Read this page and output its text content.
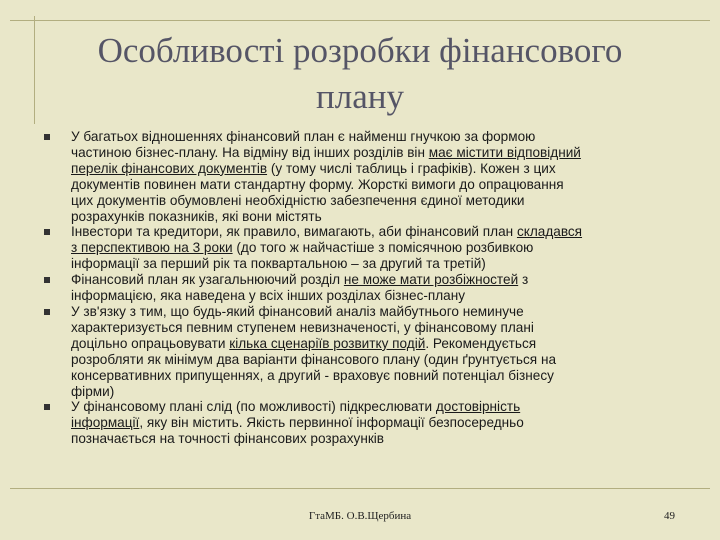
Особливості розробки фінансового
плану
У багатьох відношеннях фінансовий план є найменш гнучкою за формою
частиною бізнес-плану. На відміну від інших розділів він має містити відповідний
перелік фінансових документів (у тому числі таблиць і графіків). Кожен з цих
документів повинен мати стандартну форму. Жорсткі вимоги до опрацювання
цих документів обумовлені необхідністю забезпечення єдиної методики
розрахунків показників, які вони містять
Інвестори та кредитори, як правило, вимагають, аби фінансовий план складався
з перспективою на 3 роки (до того ж найчастіше з помісячною розбивкою
інформації за перший рік та поквартальною – за другий та третій)
Фінансовий план як узагальнюючий розділ не може мати розбіжностей з
інформацією, яка наведена у всіх інших розділах бізнес-плану
У зв'язку з тим, що будь-який фінансовий аналіз майбутнього неминуче
характеризується певним ступенем невизначеності, у фінансовому плані
доцільно опрацьовувати кілька сценаріїв розвитку подій. Рекомендується
розробляти як мінімум два варіанти фінансового плану (один ґрунтується на
консервативних припущеннях, а другий - враховує повний потенціал бізнесу
фірми)
У фінансовому плані слід (по можливості) підкреслювати достовірність
інформації, яку він містить. Якість первинної інформації безпосередньо
позначається на точності фінансових розрахунків
ГтаМБ. О.В.Щербина	49
